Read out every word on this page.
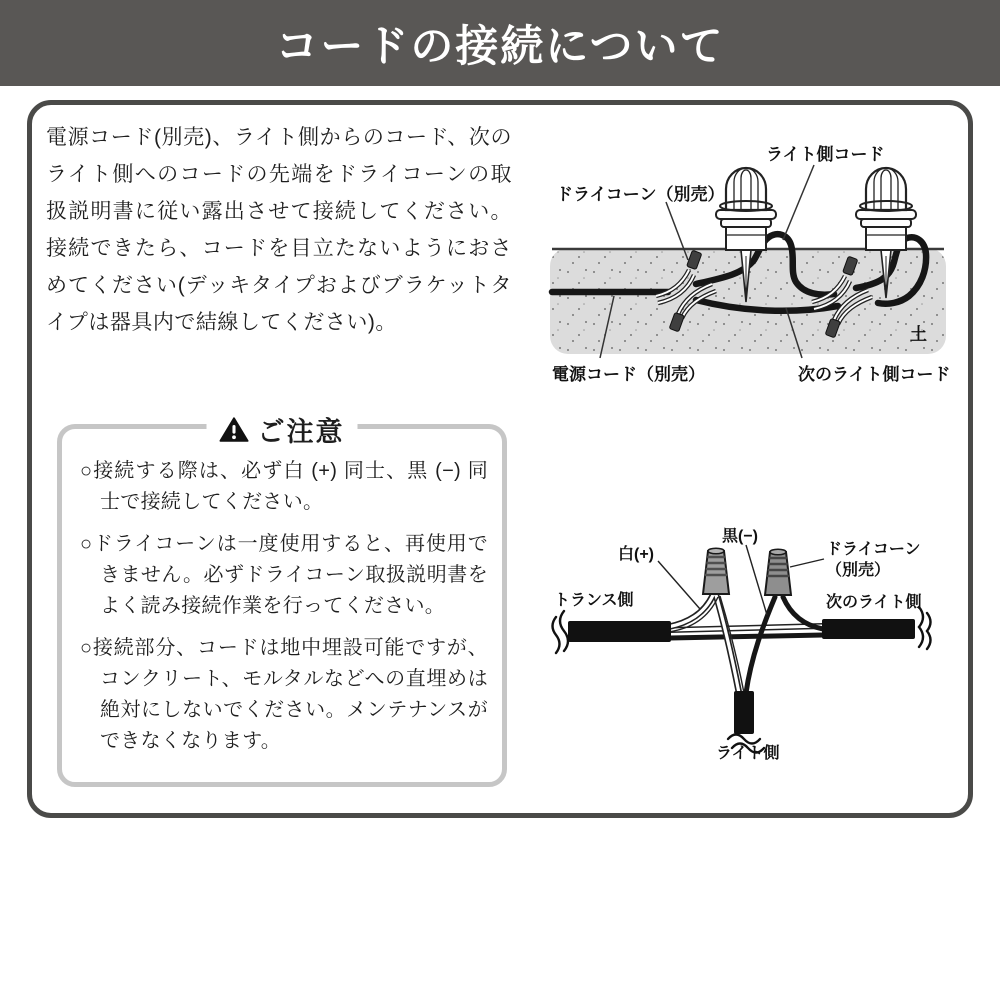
コードの接続について
電源コード(別売)、ライト側からのコード、次のライト側へのコードの先端をドライコーンの取扱説明書に従い露出させて接続してください。接続できたら、コードを目立たないようにおさめてください(デッキタイプおよびブラケットタイプは器具内で結線してください)。
ライト側コード
ドライコーン（別売）
電源コード（別売）	次のライト側コード
土
ご注意
○接続する際は、必ず白 (+) 同士、黒 (−) 同士で接続してください。
○ドライコーンは一度使用すると、再使用できません。必ずドライコーン取扱説明書をよく読み接続作業を行ってください。
○接続部分、コードは地中埋設可能ですが、コンクリート、モルタルなどへの直埋めは絶対にしないでください。メンテナンスができなくなります。
白(+)
黒(−)
ドライコーン
（別売）
トランス側	次のライト側
ライト側
